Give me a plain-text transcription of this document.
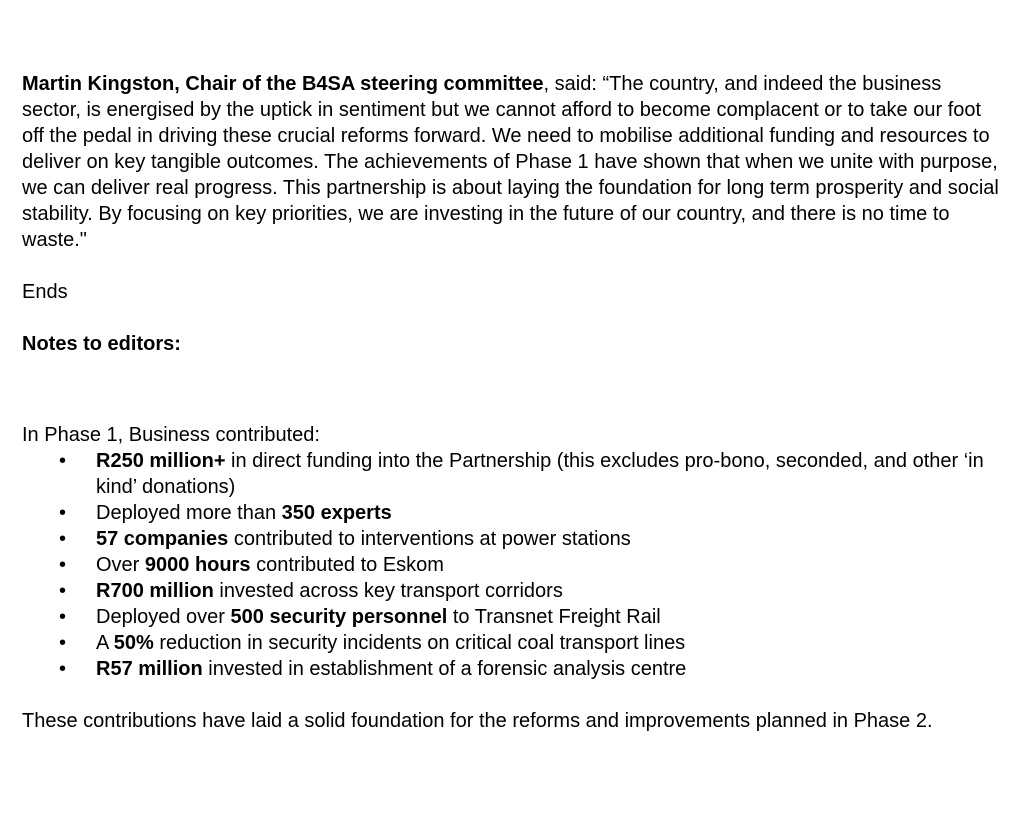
Martin Kingston, Chair of the B4SA steering committee, said: “The country, and indeed the business sector, is energised by the uptick in sentiment but we cannot afford to become complacent or to take our foot off the pedal in driving these crucial reforms forward. We need to mobilise additional funding and resources to deliver on key tangible outcomes. The achievements of Phase 1 have shown that when we unite with purpose, we can deliver real progress. This partnership is about laying the foundation for long term prosperity and social stability. By focusing on key priorities, we are investing in the future of our country, and there is no time to waste."

Ends

Notes to editors:

In Phase 1, Business contributed:

• R250 million+ in direct funding into the Partnership (this excludes pro-bono, seconded, and other ‘in kind’ donations)
• Deployed more than 350 experts
• 57 companies contributed to interventions at power stations
• Over 9000 hours contributed to Eskom
• R700 million invested across key transport corridors
• Deployed over 500 security personnel to Transnet Freight Rail
• A 50% reduction in security incidents on critical coal transport lines
• R57 million invested in establishment of a forensic analysis centre

These contributions have laid a solid foundation for the reforms and improvements planned in Phase 2.
